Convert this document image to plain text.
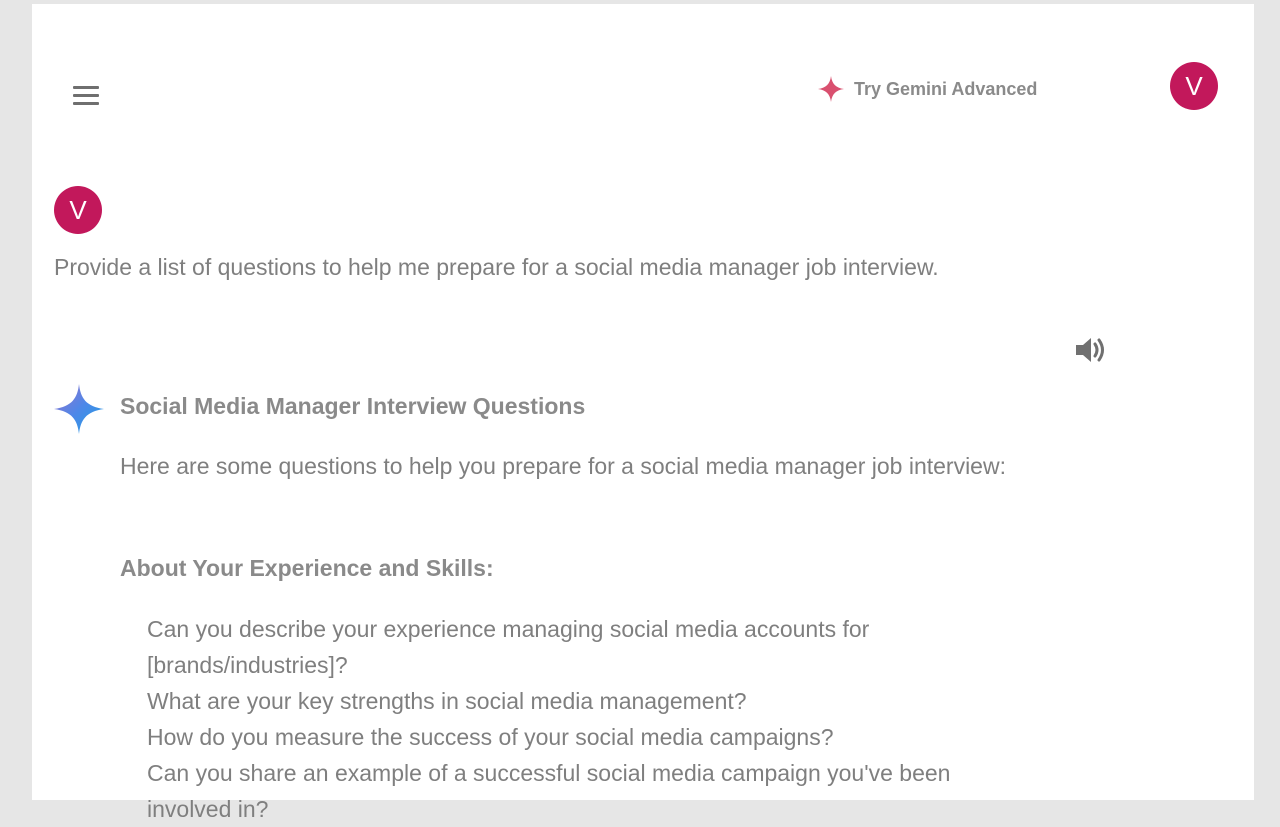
Try Gemini Advanced	V
V
Provide a list of questions to help me prepare for a social media manager job interview.
Social Media Manager Interview Questions
Here are some questions to help you prepare for a social media manager job interview:
About Your Experience and Skills:
Can you describe your experience managing social media accounts for [brands/industries]?
What are your key strengths in social media management?
How do you measure the success of your social media campaigns?
Can you share an example of a successful social media campaign you've been involved in?
